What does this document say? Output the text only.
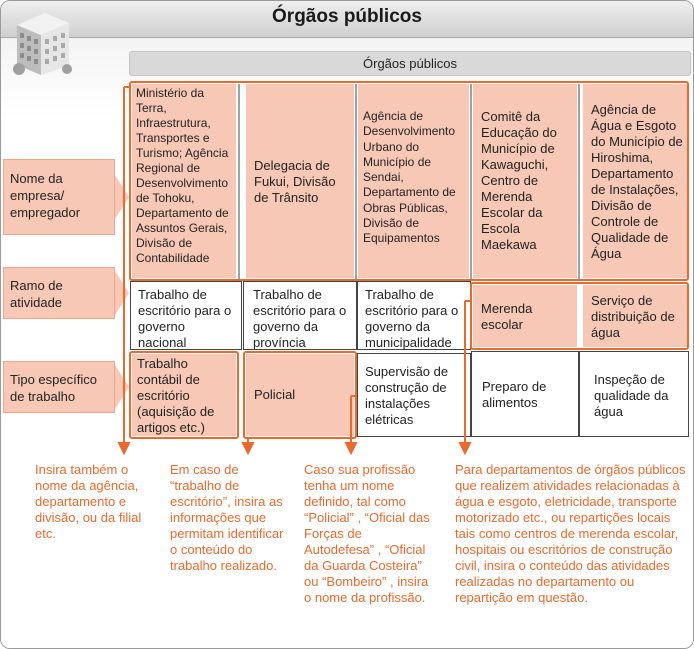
Órgãos públicos
Órgãos públicos
Nome da empresa/ empregador
Ramo de atividade
Tipo específico de trabalho
Ministério da Terra, Infraestrutura, Transportes e Turismo; Agência Regional de Desenvolvimento de Tohoku, Departamento de Assuntos Gerais, Divisão de Contabilidade
Trabalho de escritório para o governo nacional
Trabalho contábil de escritório (aquisição de artigos etc.)
Delegacia de Fukui, Divisão de Trânsito
Trabalho de escritório para o governo da província
Policial
Agência de Desenvolvimento Urbano do Município de Sendai, Departamento de Obras Públicas, Divisão de Equipamentos
Trabalho de escritório para o governo da municipalidade
Supervisão de construção de instalações elétricas
Comitê da Educação do Município de Kawaguchi, Centro de Merenda Escolar da Escola Maekawa
Merenda escolar
Preparo de alimentos
Agência de Água e Esgoto do Município de Hiroshima, Departamento de Instalações, Divisão de Controle de Qualidade de Água
Serviço de distribuição de água
Inspeção de qualidade da água
Insira também o nome da agência, departamento e divisão, ou da filial etc.
Em caso de “trabalho de escritório”, insira as informações que permitam identificar o conteúdo do trabalho realizado.
Caso sua profissão tenha um nome definido, tal como “Policial” , “Oficial das Forças de Autodefesa” , “Oficial da Guarda Costeira” ou “Bombeiro” , insira o nome da profissão.
Para departamentos de órgãos públicos que realizem atividades relacionadas à água e esgoto, eletricidade, transporte motorizado etc., ou repartições locais tais como centros de merenda escolar, hospitais ou escritórios de construção civil, insira o conteúdo das atividades realizadas no departamento ou repartição em questão.
